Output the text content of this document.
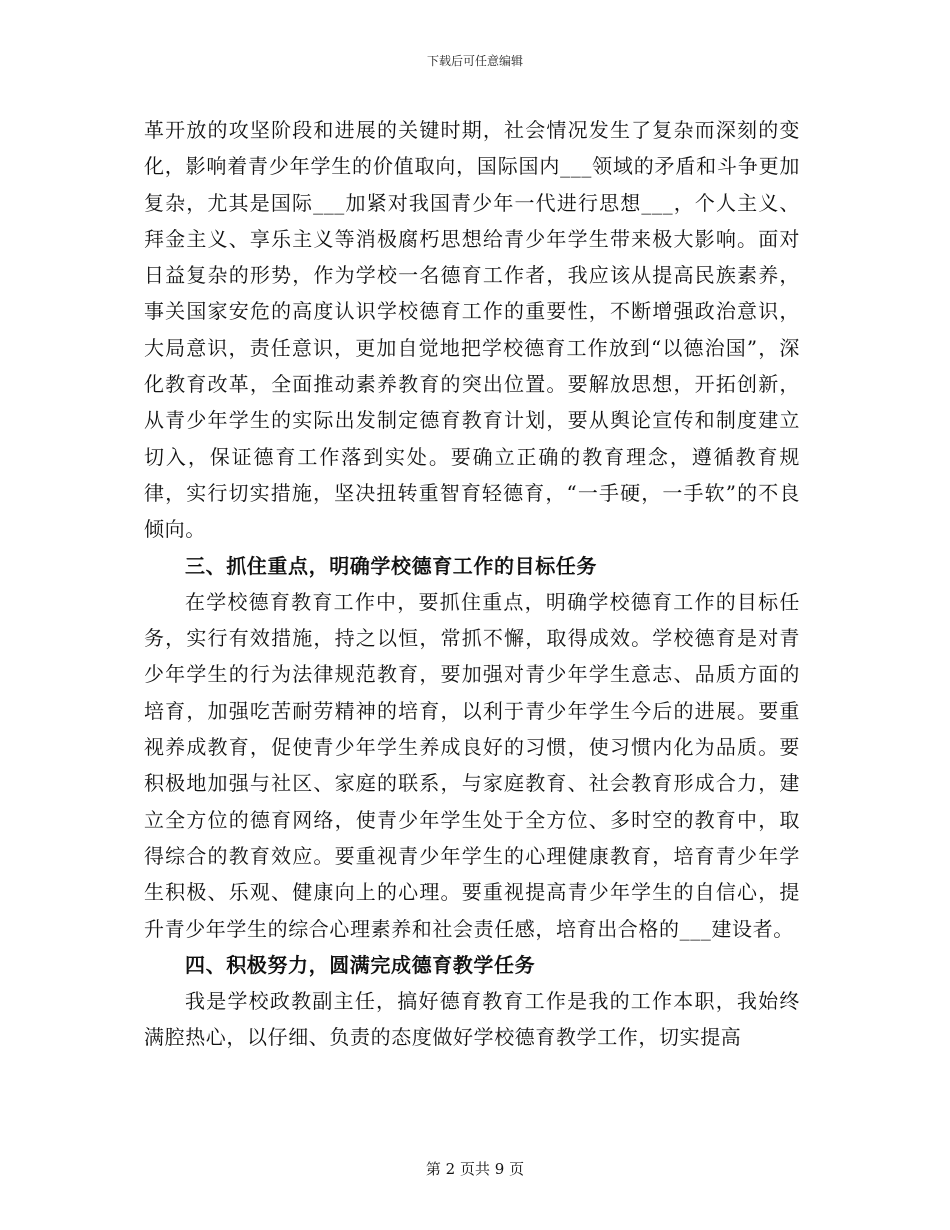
下载后可任意编辑

革开放的攻坚阶段和进展的关键时期，社会情况发生了复杂而深刻的变化，影响着青少年学生的价值取向，国际国内___领域的矛盾和斗争更加复杂，尤其是国际___加紧对我国青少年一代进行思想___，个人主义、拜金主义、享乐主义等消极腐朽思想给青少年学生带来极大影响。面对日益复杂的形势，作为学校一名德育工作者，我应该从提高民族素养，事关国家安危的高度认识学校德育工作的重要性，不断增强政治意识，大局意识，责任意识，更加自觉地把学校德育工作放到“以德治国”，深化教育改革，全面推动素养教育的突出位置。要解放思想，开拓创新，从青少年学生的实际出发制定德育教育计划，要从舆论宣传和制度建立切入，保证德育工作落到实处。要确立正确的教育理念，遵循教育规律，实行切实措施，坚决扭转重智育轻德育，“一手硬，一手软”的不良倾向。

三、抓住重点，明确学校德育工作的目标任务

在学校德育教育工作中，要抓住重点，明确学校德育工作的目标任务，实行有效措施，持之以恒，常抓不懈，取得成效。学校德育是对青少年学生的行为法律规范教育，要加强对青少年学生意志、品质方面的培育，加强吃苦耐劳精神的培育，以利于青少年学生今后的进展。要重视养成教育，促使青少年学生养成良好的习惯，使习惯内化为品质。要积极地加强与社区、家庭的联系，与家庭教育、社会教育形成合力，建立全方位的德育网络，使青少年学生处于全方位、多时空的教育中，取得综合的教育效应。要重视青少年学生的心理健康教育，培育青少年学生积极、乐观、健康向上的心理。要重视提高青少年学生的自信心，提升青少年学生的综合心理素养和社会责任感，培育出合格的___建设者。

四、积极努力，圆满完成德育教学任务

我是学校政教副主任，搞好德育教育工作是我的工作本职，我始终满腔热心，以仔细、负责的态度做好学校德育教学工作，切实提高

第 2 页共 9 页
